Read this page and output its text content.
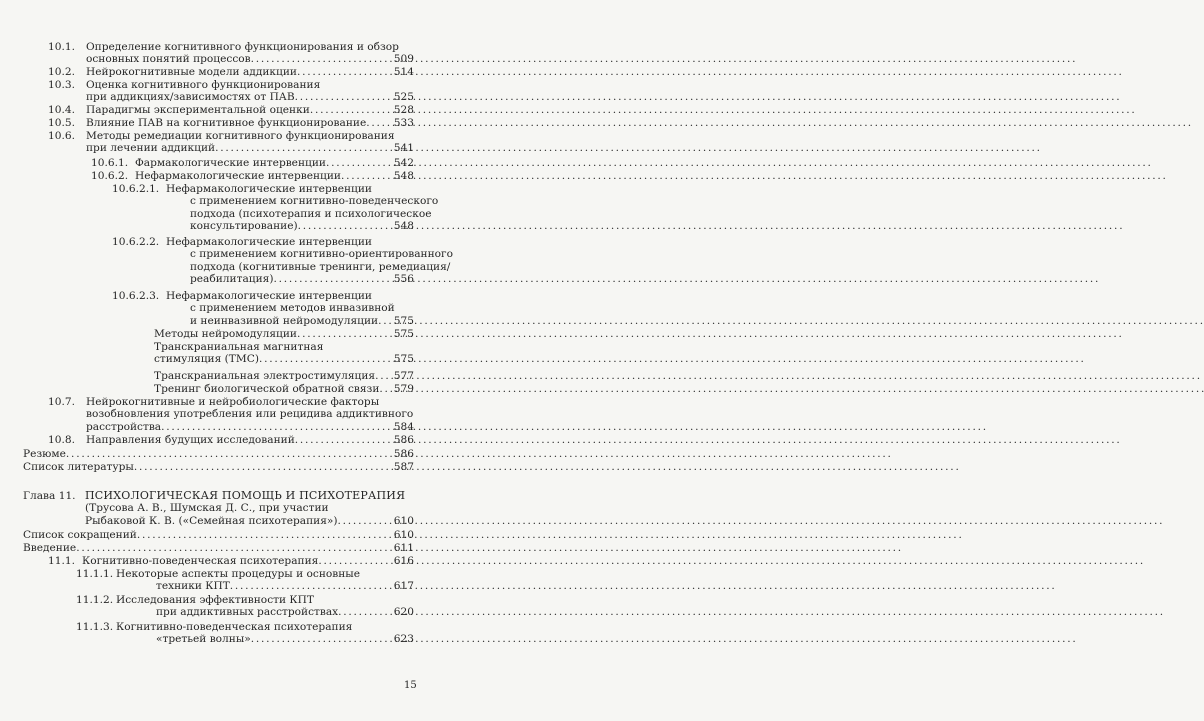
10.1.	Определение когнитивного функционирования и обзор
основных понятий процессов . . .	509
10.2.	Нейрокогнитивные модели аддикции . . .	514
10.3.	Оценка когнитивного функционирования
при аддикциях/зависимостях от ПАВ . . .	525
10.4.	Парадигмы экспериментальной оценки . . .	528
10.5.	Влияние ПАВ на когнитивное функционирование . . .	533
10.6.	Методы ремедиации когнитивного функционирования
при лечении аддикций . . .	541
10.6.1. Фармакологические интервенции . . .	542
10.6.2. Нефармакологические интервенции . . .	548
10.6.2.1. Нефармакологические интервенции
с применением когнитивно-поведенческого
подхода (психотерапия и психологическое
консультирование) . . .	548
10.6.2.2. Нефармакологические интервенции
с применением когнитивно-ориентированного
подхода (когнитивные тренинги, ремедиация/
реабилитация) . . .	556
10.6.2.3. Нефармакологические интервенции
с применением методов инвазивной
и неинвазивной нейромодуляции . . . 575
Методы нейромодуляции . . .	575
Транскраниальная магнитная
стимуляция (ТМС) . . .	575
Транскраниальная электростимуляция . . . 577
Тренинг биологической обратной связи . . . 579
10.7.	Нейрокогнитивные и нейробиологические факторы
возобновления употребления или рецидива аддиктивного
расстройства . . .	584
10.8.	Направления будущих исследований . . .	586
Резюме . . .	586
Список литературы . . .	587
Глава 11. ПСИХОЛОГИЧЕСКАЯ ПОМОЩЬ И ПСИХОТЕРАПИЯ
(Трусова А. В., Шумская Д. С., при участии
Рыбаковой К. В. («Семейная психотерапия») . . .	610
Список сокращений . . .	610
Введение . . .	611
11.1. Когнитивно-поведенческая психотерапия . . .	616
11.1.1. Некоторые аспекты процедуры и основные
техники КПТ . . .	617
11.1.2. Исследования эффективности КПТ
при аддиктивных расстройствах . . .	620
11.1.3. Когнитивно-поведенческая психотерапия
«третьей волны» . . .	623
15
